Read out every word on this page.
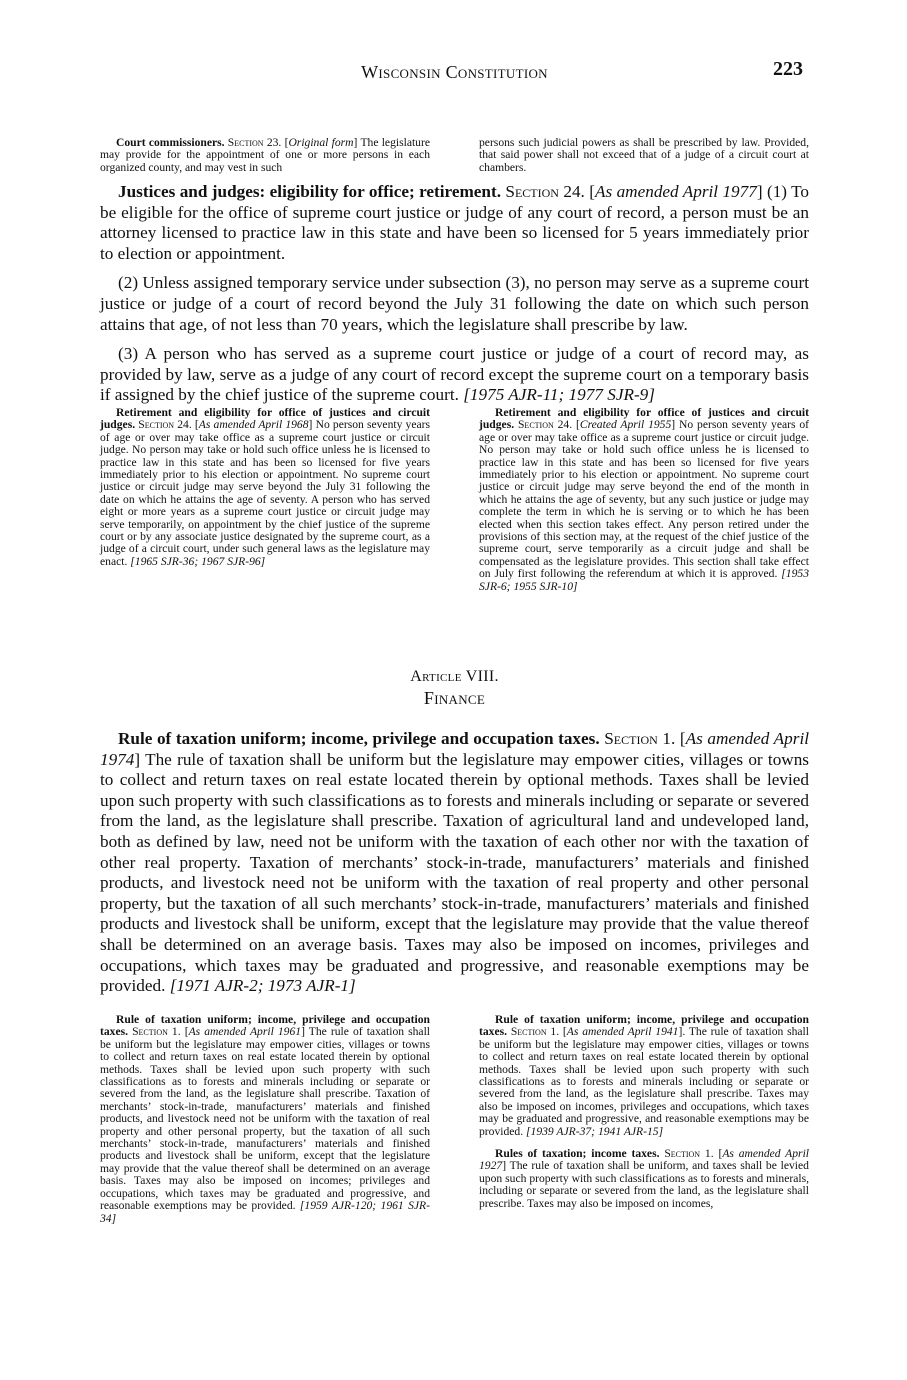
Wisconsin Constitution	223

Court commissioners. Section 23. [Original form] The legislature may provide for the appointment of one or more persons in each organized county, and may vest in such

persons such judicial powers as shall be prescribed by law. Provided, that said power shall not exceed that of a judge of a circuit court at chambers.

Justices and judges: eligibility for office; retirement. Section 24. [As amended April 1977] (1) To be eligible for the office of supreme court justice or judge of any court of record, a person must be an attorney licensed to practice law in this state and have been so licensed for 5 years immediately prior to election or appointment.

(2) Unless assigned temporary service under subsection (3), no person may serve as a supreme court justice or judge of a court of record beyond the July 31 following the date on which such person attains that age, of not less than 70 years, which the legislature shall prescribe by law.

(3) A person who has served as a supreme court justice or judge of a court of record may, as provided by law, serve as a judge of any court of record except the supreme court on a temporary basis if assigned by the chief justice of the supreme court. [1975 AJR-11; 1977 SJR-9]

Retirement and eligibility for office of justices and circuit judges. Section 24. [As amended April 1968] No person seventy years of age or over may take office as a supreme court justice or circuit judge. No person may take or hold such office unless he is licensed to practice law in this state and has been so licensed for five years immediately prior to his election or appointment. No supreme court justice or circuit judge may serve beyond the July 31 following the date on which he attains the age of seventy. A person who has served eight or more years as a supreme court justice or circuit judge may serve temporarily, on appointment by the chief justice of the supreme court or by any associate justice designated by the supreme court, as a judge of a circuit court, under such general laws as the legislature may enact. [1965 SJR-36; 1967 SJR-96]

Retirement and eligibility for office of justices and circuit judges. Section 24. [Created April 1955] No person seventy years of age or over may take office as a supreme court justice or circuit judge. No person may take or hold such office unless he is licensed to practice law in this state and has been so licensed for five years immediately prior to his election or appointment. No supreme court justice or circuit judge may serve beyond the end of the month in which he attains the age of seventy, but any such justice or judge may complete the term in which he is serving or to which he has been elected when this section takes effect. Any person retired under the provisions of this section may, at the request of the chief justice of the supreme court, serve temporarily as a circuit judge and shall be compensated as the legislature provides. This section shall take effect on July first following the referendum at which it is approved. [1953 SJR-6; 1955 SJR-10]

Article VIII.
Finance

Rule of taxation uniform; income, privilege and occupation taxes. Section 1. [As amended April 1974] The rule of taxation shall be uniform but the legislature may empower cities, villages or towns to collect and return taxes on real estate located therein by optional methods. Taxes shall be levied upon such property with such classifications as to forests and minerals including or separate or severed from the land, as the legislature shall prescribe. Taxation of agricultural land and undeveloped land, both as defined by law, need not be uniform with the taxation of each other nor with the taxation of other real property. Taxation of merchants’ stock-in-trade, manufacturers’ materials and finished products, and livestock need not be uniform with the taxation of real property and other personal property, but the taxation of all such merchants’ stock-in-trade, manufacturers’ materials and finished products and livestock shall be uniform, except that the legislature may provide that the value thereof shall be determined on an average basis. Taxes may also be imposed on incomes, privileges and occupations, which taxes may be graduated and progressive, and reasonable exemptions may be provided. [1971 AJR-2; 1973 AJR-1]

Rule of taxation uniform; income, privilege and occupation taxes. Section 1. [As amended April 1961] The rule of taxation shall be uniform but the legislature may empower cities, villages or towns to collect and return taxes on real estate located therein by optional methods. Taxes shall be levied upon such property with such classifications as to forests and minerals including or separate or severed from the land, as the legislature shall prescribe. Taxation of merchants’ stock-in-trade, manufacturers’ materials and finished products, and livestock need not be uniform with the taxation of real property and other personal property, but the taxation of all such merchants’ stock-in-trade, manufacturers’ materials and finished products and livestock shall be uniform, except that the legislature may provide that the value thereof shall be determined on an average basis. Taxes may also be imposed on incomes; privileges and occupations, which taxes may be graduated and progressive, and reasonable exemptions may be provided. [1959 AJR-120; 1961 SJR-34]

Rule of taxation uniform; income, privilege and occupation taxes. Section 1. [As amended April 1941]. The rule of taxation shall be uniform but the legislature may empower cities, villages or towns to collect and return taxes on real estate located therein by optional methods. Taxes shall be levied upon such property with such classifications as to forests and minerals including or separate or severed from the land, as the legislature shall prescribe. Taxes may also be imposed on incomes, privileges and occupations, which taxes may be graduated and progressive, and reasonable exemptions may be provided. [1939 AJR-37; 1941 AJR-15]

Rules of taxation; income taxes. Section 1. [As amended April 1927] The rule of taxation shall be uniform, and taxes shall be levied upon such property with such classifications as to forests and minerals, including or separate or severed from the land, as the legislature shall prescribe. Taxes may also be imposed on incomes,
